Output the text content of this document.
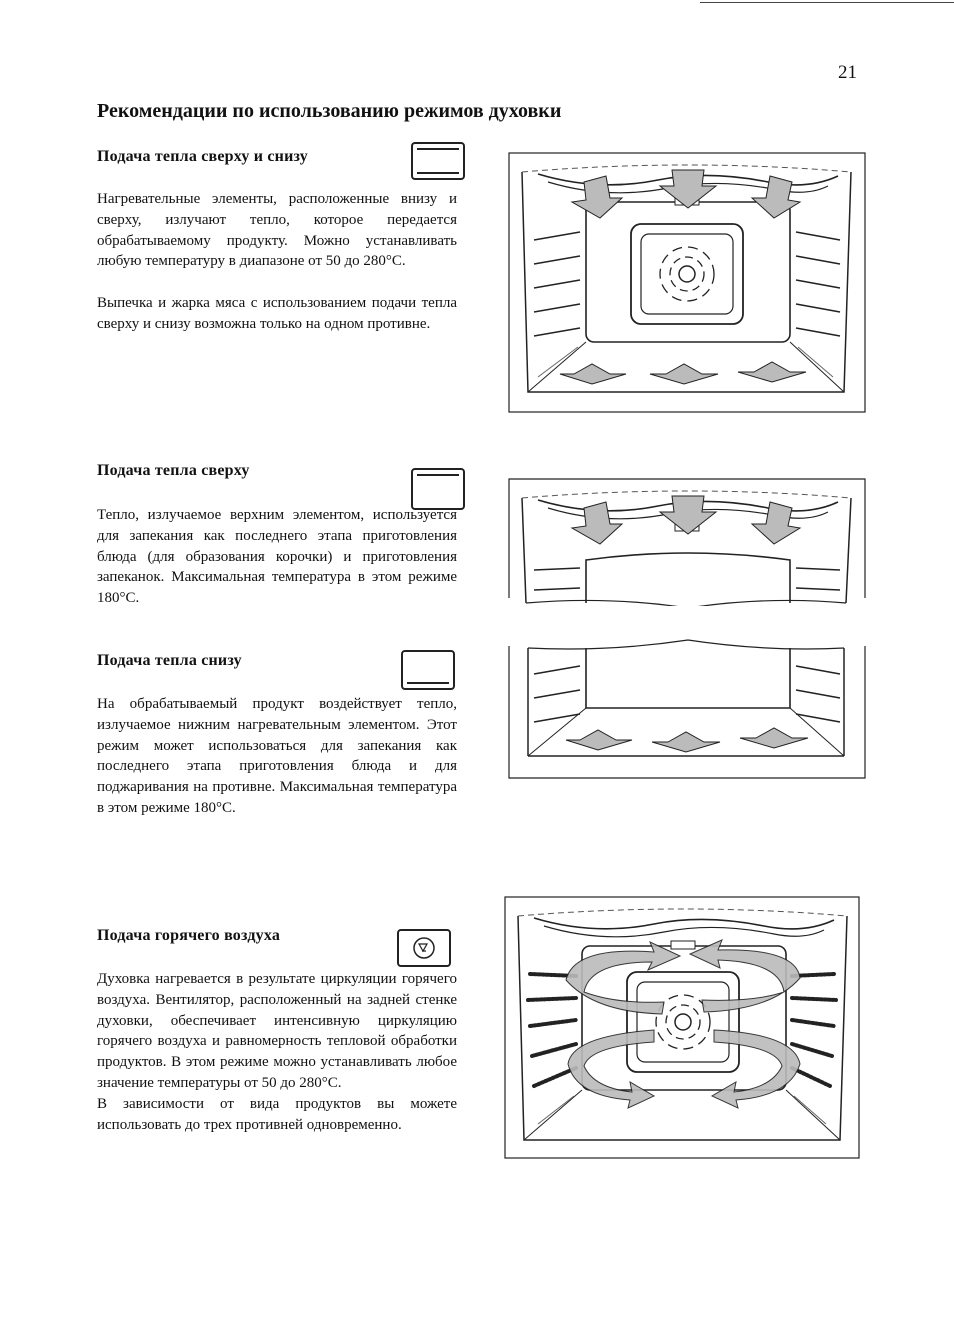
21
Рекомендации по использованию режимов духовки
Подача тепла сверху и снизу

Нагревательные элементы, расположенные внизу и сверху, излучают тепло, которое передается обрабатываемому продукту. Можно устанавливать любую температуру в диапазоне от 50 до 280°С.

Выпечка и жарка мяса с использованием подачи тепла сверху и снизу возможна только на одном противне.

Подача тепла сверху

Тепло, излучаемое верхним элементом, используется для запекания как последнего этапа приготовления блюда (для образования корочки) и приготовления запеканок. Максимальная температура в этом режиме 180°С.

Подача тепла снизу

На обрабатываемый продукт воздействует тепло, излучаемое нижним нагревательным элементом. Этот режим может использоваться для запекания как последнего этапа приготовления блюда и для поджаривания на противне. Максимальная температура в этом режиме 180°С.

Подача горячего воздуха

Духовка нагревается в результате циркуляции горячего воздуха. Вентилятор, расположенный на задней стенке духовки, обеспечивает интенсивную циркуляцию горячего воздуха и равномерность тепловой обработки продуктов. В этом режиме можно устанавливать любое значение температуры от 50 до 280°С.

В зависимости от вида продуктов вы можете использовать до трех противней одновременно.
